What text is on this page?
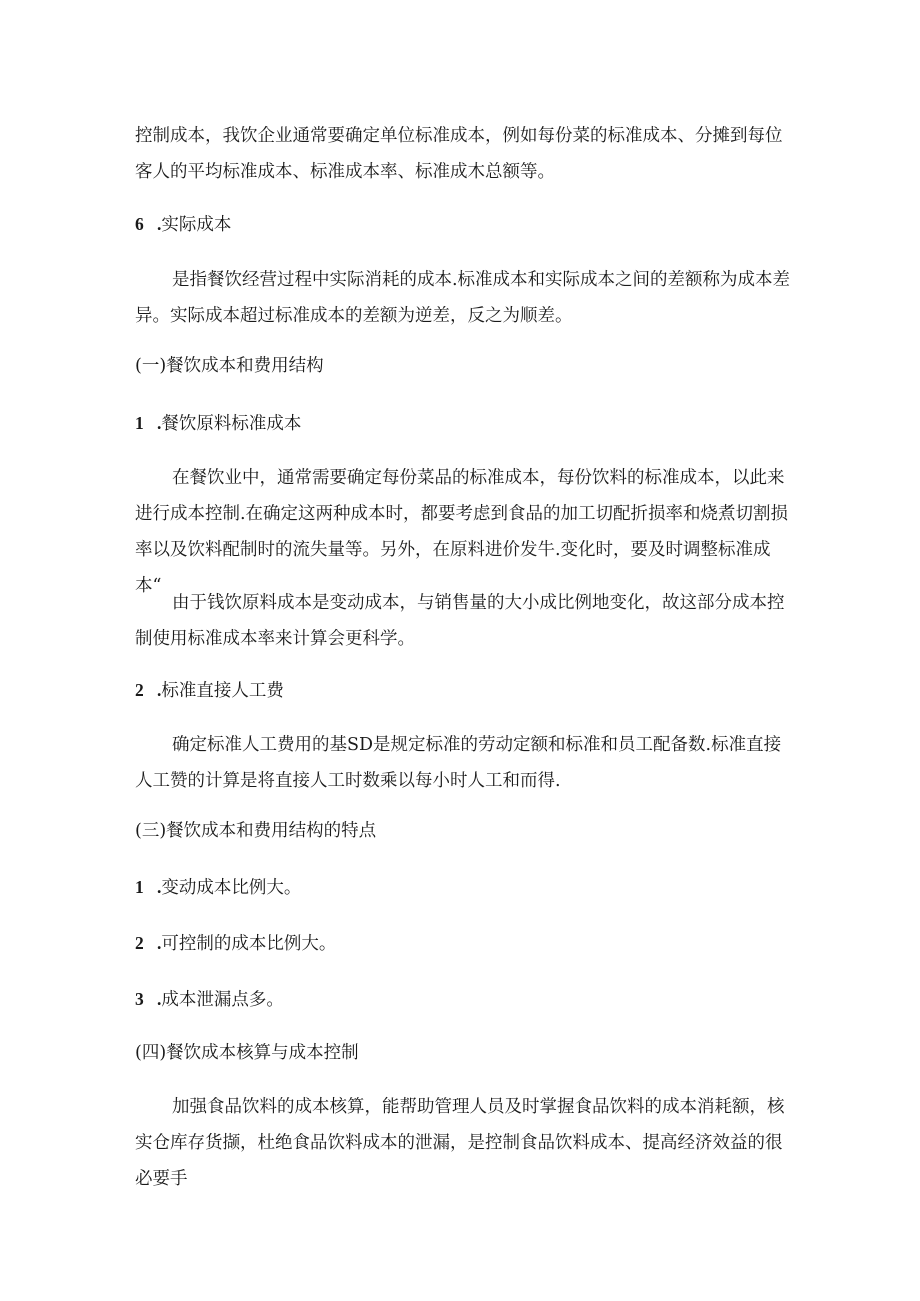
控制成本，我饮企业通常要确定单位标准成本，例如每份菜的标准成本、分摊到每位客人的平均标准成本、标准成本率、标准成木总额等。

6 .实际成本

是指餐饮经营过程中实际消耗的成本.标准成本和实际成本之间的差额称为成本差异。实际成本超过标准成本的差额为逆差，反之为顺差。

(一)餐饮成本和费用结构
1 .餐饮原料标准成本

在餐饮业中，通常需要确定每份菜品的标准成本，每份饮料的标准成本，以此来进行成本控制.在确定这两种成本时，都要考虑到食品的加工切配折损率和烧煮切割损率以及饮料配制时的流失量等。另外，在原料进价发牛.变化时，要及时调整标准成本“

由于钱饮原料成本是变动成本，与销售量的大小成比例地变化，故这部分成本控制使用标准成本率来计算会更科学。

2 .标准直接人工费

确定标准人工费用的基SD是规定标准的劳动定额和标准和员工配备数.标准直接人工赞的计算是将直接人工时数乘以每小时人工和而得.

(三)餐饮成本和费用结构的特点
1 .变动成本比例大。
2 .可控制的成本比例大。
3 .成本泄漏点多。
(四)餐饮成本核算与成本控制

加强食品饮料的成本核算，能帮助管理人员及时掌握食品饮料的成本消耗额，核实仓库存货撷，杜绝食品饮料成本的泄漏，是控制食品饮料成本、提高经济效益的很必要手
